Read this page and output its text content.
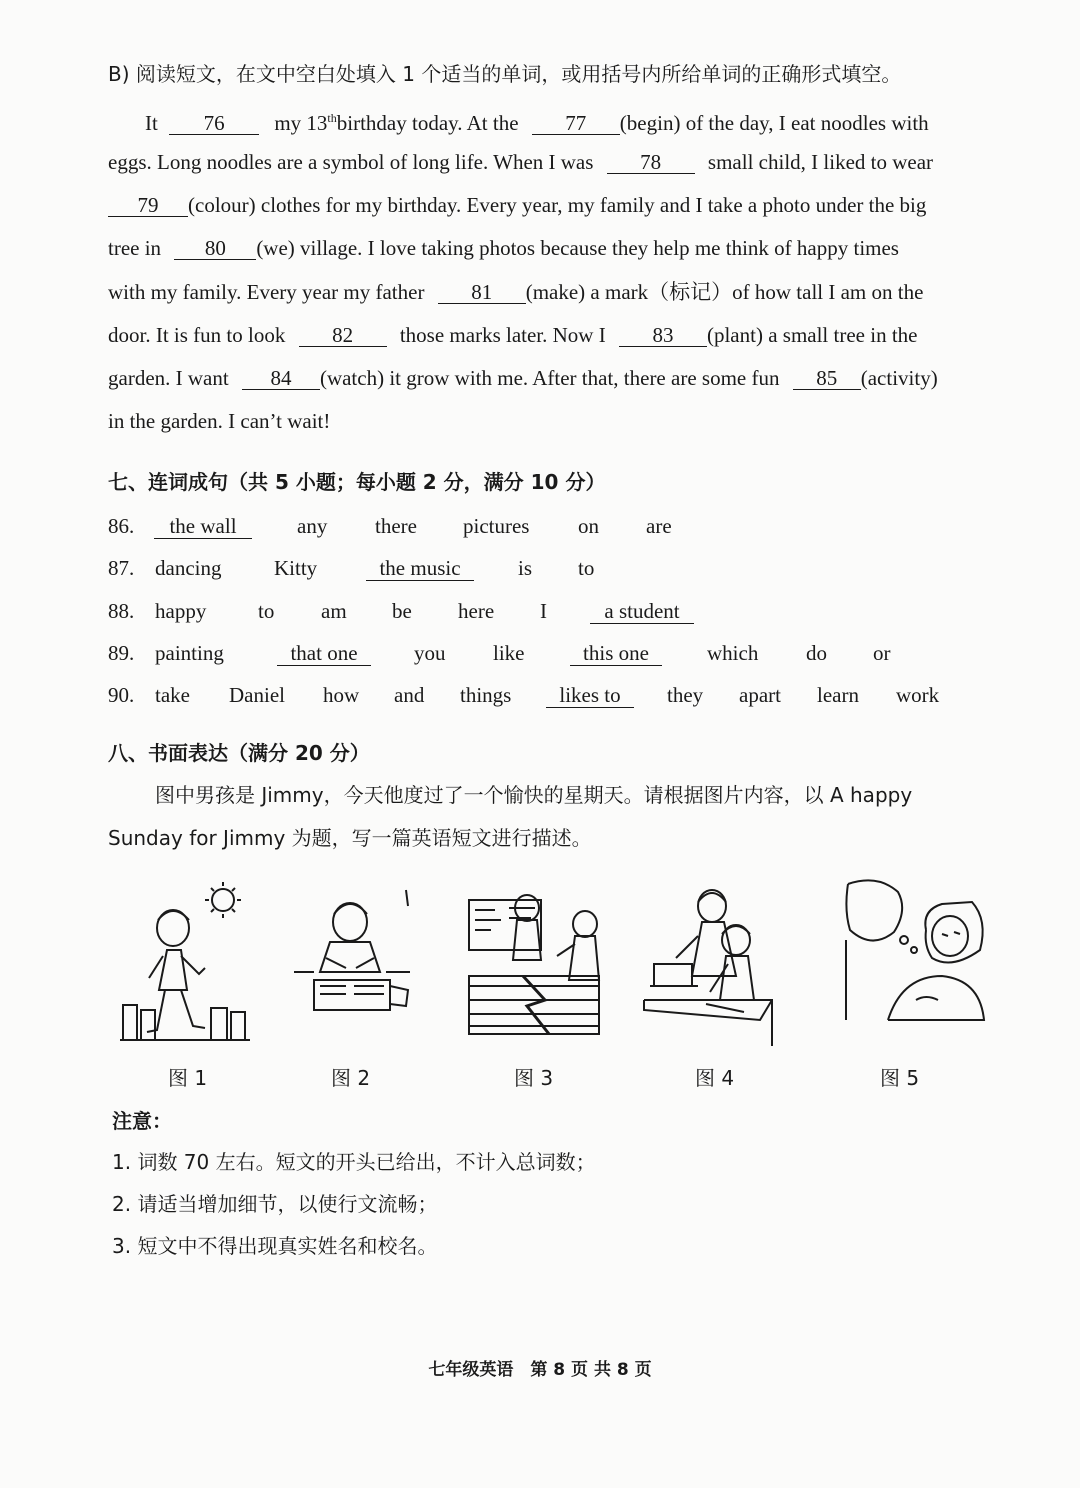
B) 阅读短文，在文中空白处填入 1 个适当的单词，或用括号内所给单词的正确形式填空。
It 76 my 13thbirthday today. At the 77 (begin) of the day, I eat noodles with
eggs. Long noodles are a symbol of long life. When I was 78 small child, I liked to wear
79 (colour) clothes for my birthday. Every year, my family and I take a photo under the big
tree in 80 (we) village. I love taking photos because they help me think of happy times
with my family. Every year my father 81 (make) a mark（标记）of how tall I am on the
door. It is fun to look 82 those marks later. Now I 83 (plant) a small tree in the
garden. I want 84 (watch) it grow with me. After that, there are some fun 85 (activity)
in the garden. I can’t wait!
七、连词成句（共 5 小题；每小题 2 分，满分 10 分）
86.	the wall	any there pictures on are
87. dancing	Kitty	the music	is to
88. happy to am be here I	a student
89. painting	that one	you like	this one	which do or
90. take Daniel how and things	likes to	they apart learn work
八、书面表达（满分 20 分）
图中男孩是 Jimmy，今天他度过了一个愉快的星期天。请根据图片内容，以 A happy
Sunday for Jimmy 为题，写一篇英语短文进行描述。
图 1	图 2	图 3	图 4	图 5
注意：
1. 词数 70 左右。短文的开头已给出，不计入总词数；
2. 请适当增加细节，以使行文流畅；
3. 短文中不得出现真实姓名和校名。
七年级英语　第 8 页 共 8 页
